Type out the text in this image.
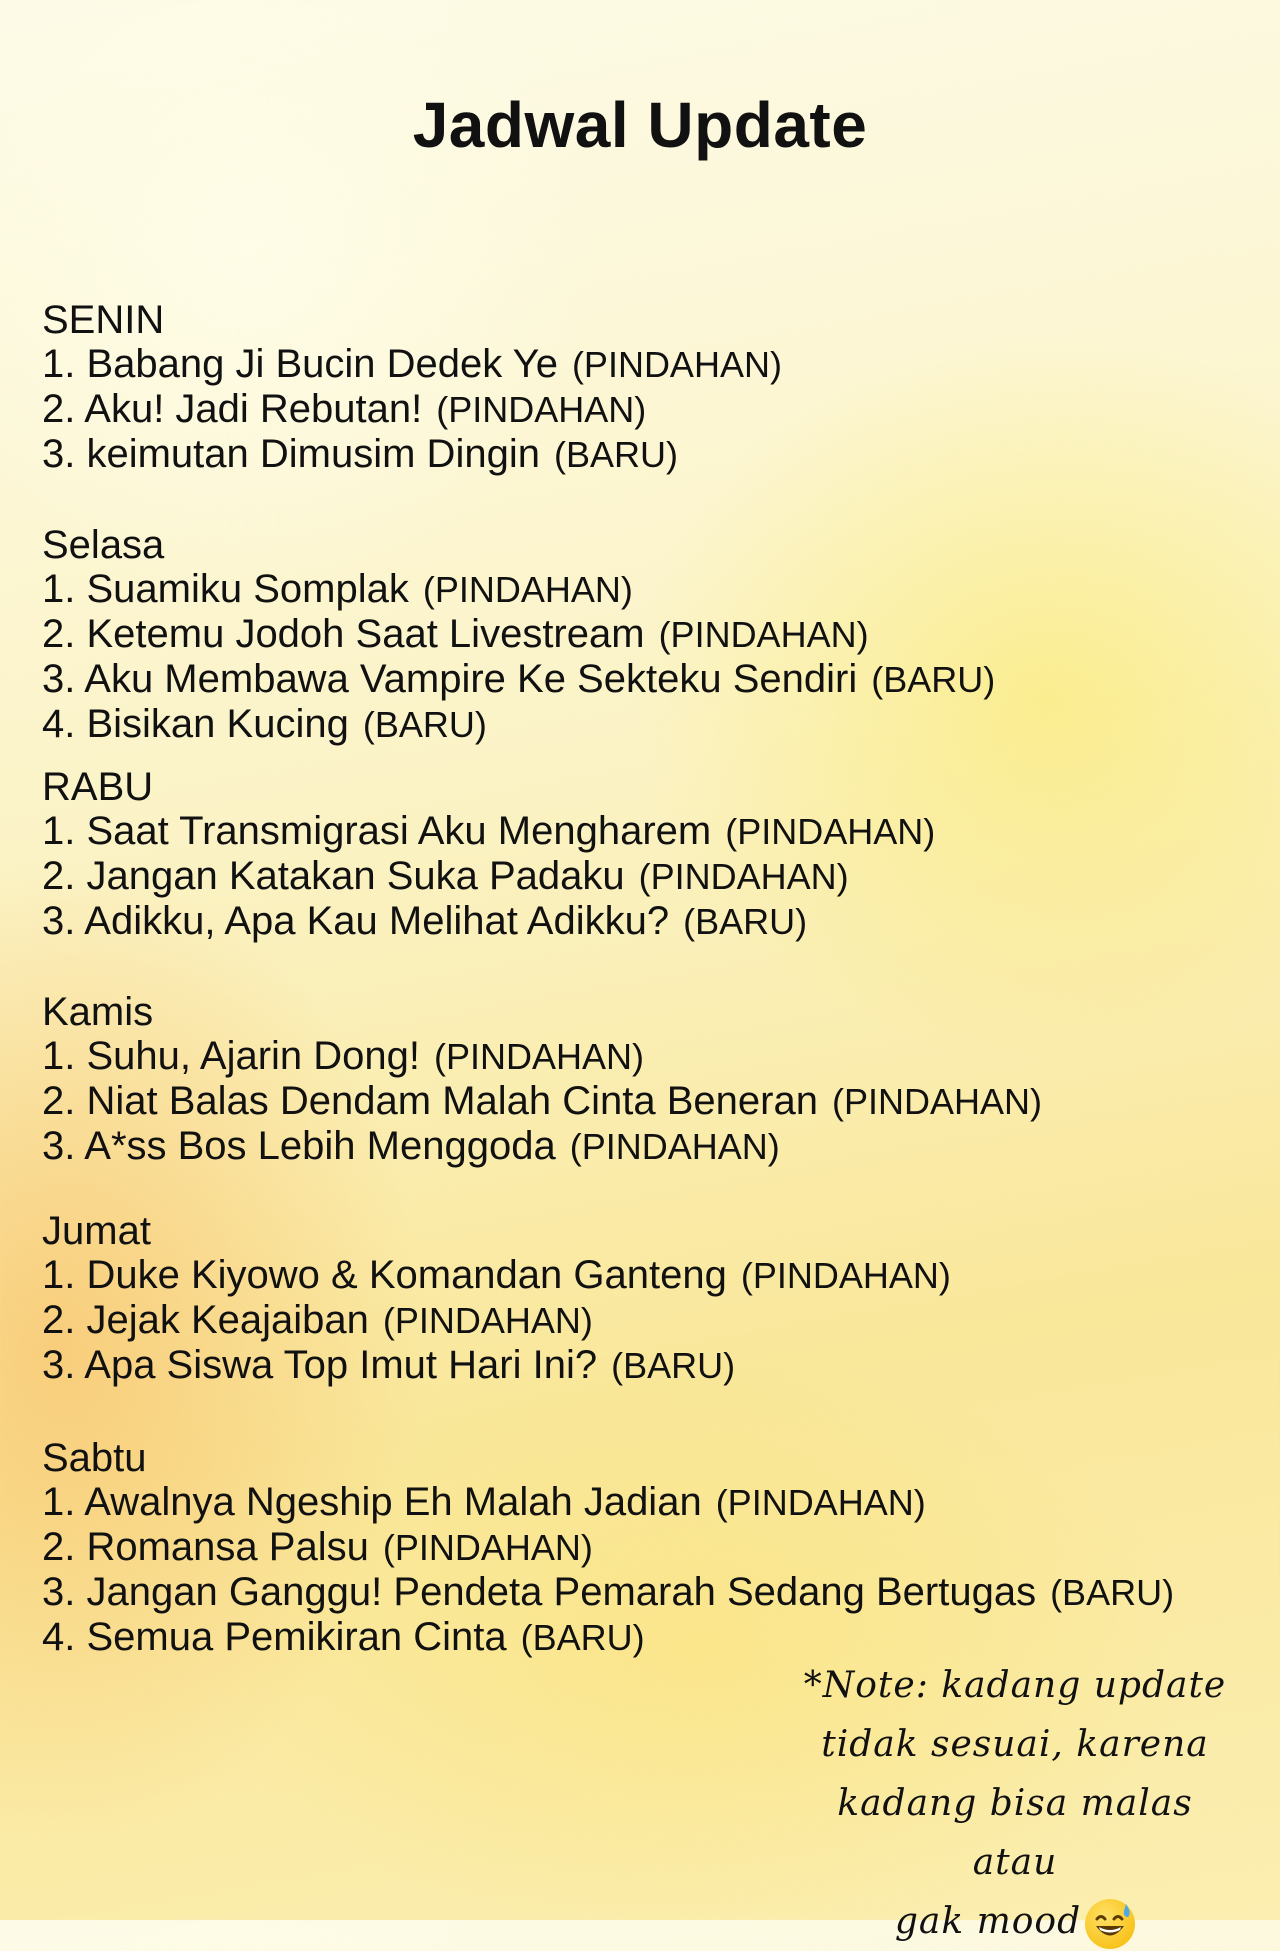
Jadwal Update
SENIN
1. Babang Ji Bucin Dedek Ye (PINDAHAN)
2. Aku! Jadi Rebutan! (PINDAHAN)
3. keimutan Dimusim Dingin (BARU)
Selasa
1. Suamiku Somplak (PINDAHAN)
2. Ketemu Jodoh Saat Livestream (PINDAHAN)
3. Aku Membawa Vampire Ke Sekteku Sendiri (BARU)
4. Bisikan Kucing (BARU)
RABU
1. Saat Transmigrasi Aku Mengharem (PINDAHAN)
2. Jangan Katakan Suka Padaku (PINDAHAN)
3. Adikku, Apa Kau Melihat Adikku? (BARU)
Kamis
1. Suhu, Ajarin Dong! (PINDAHAN)
2. Niat Balas Dendam Malah Cinta Beneran (PINDAHAN)
3. A*ss Bos Lebih Menggoda (PINDAHAN)
Jumat
1. Duke Kiyowo & Komandan Ganteng (PINDAHAN)
2. Jejak Keajaiban (PINDAHAN)
3. Apa Siswa Top Imut Hari Ini? (BARU)
Sabtu
1. Awalnya Ngeship Eh Malah Jadian (PINDAHAN)
2. Romansa Palsu (PINDAHAN)
3. Jangan Ganggu! Pendeta Pemarah Sedang Bertugas (BARU)
4. Semua Pemikiran Cinta (BARU)
*Note: kadang update
tidak sesuai, karena
kadang bisa malas atau
gak mood
